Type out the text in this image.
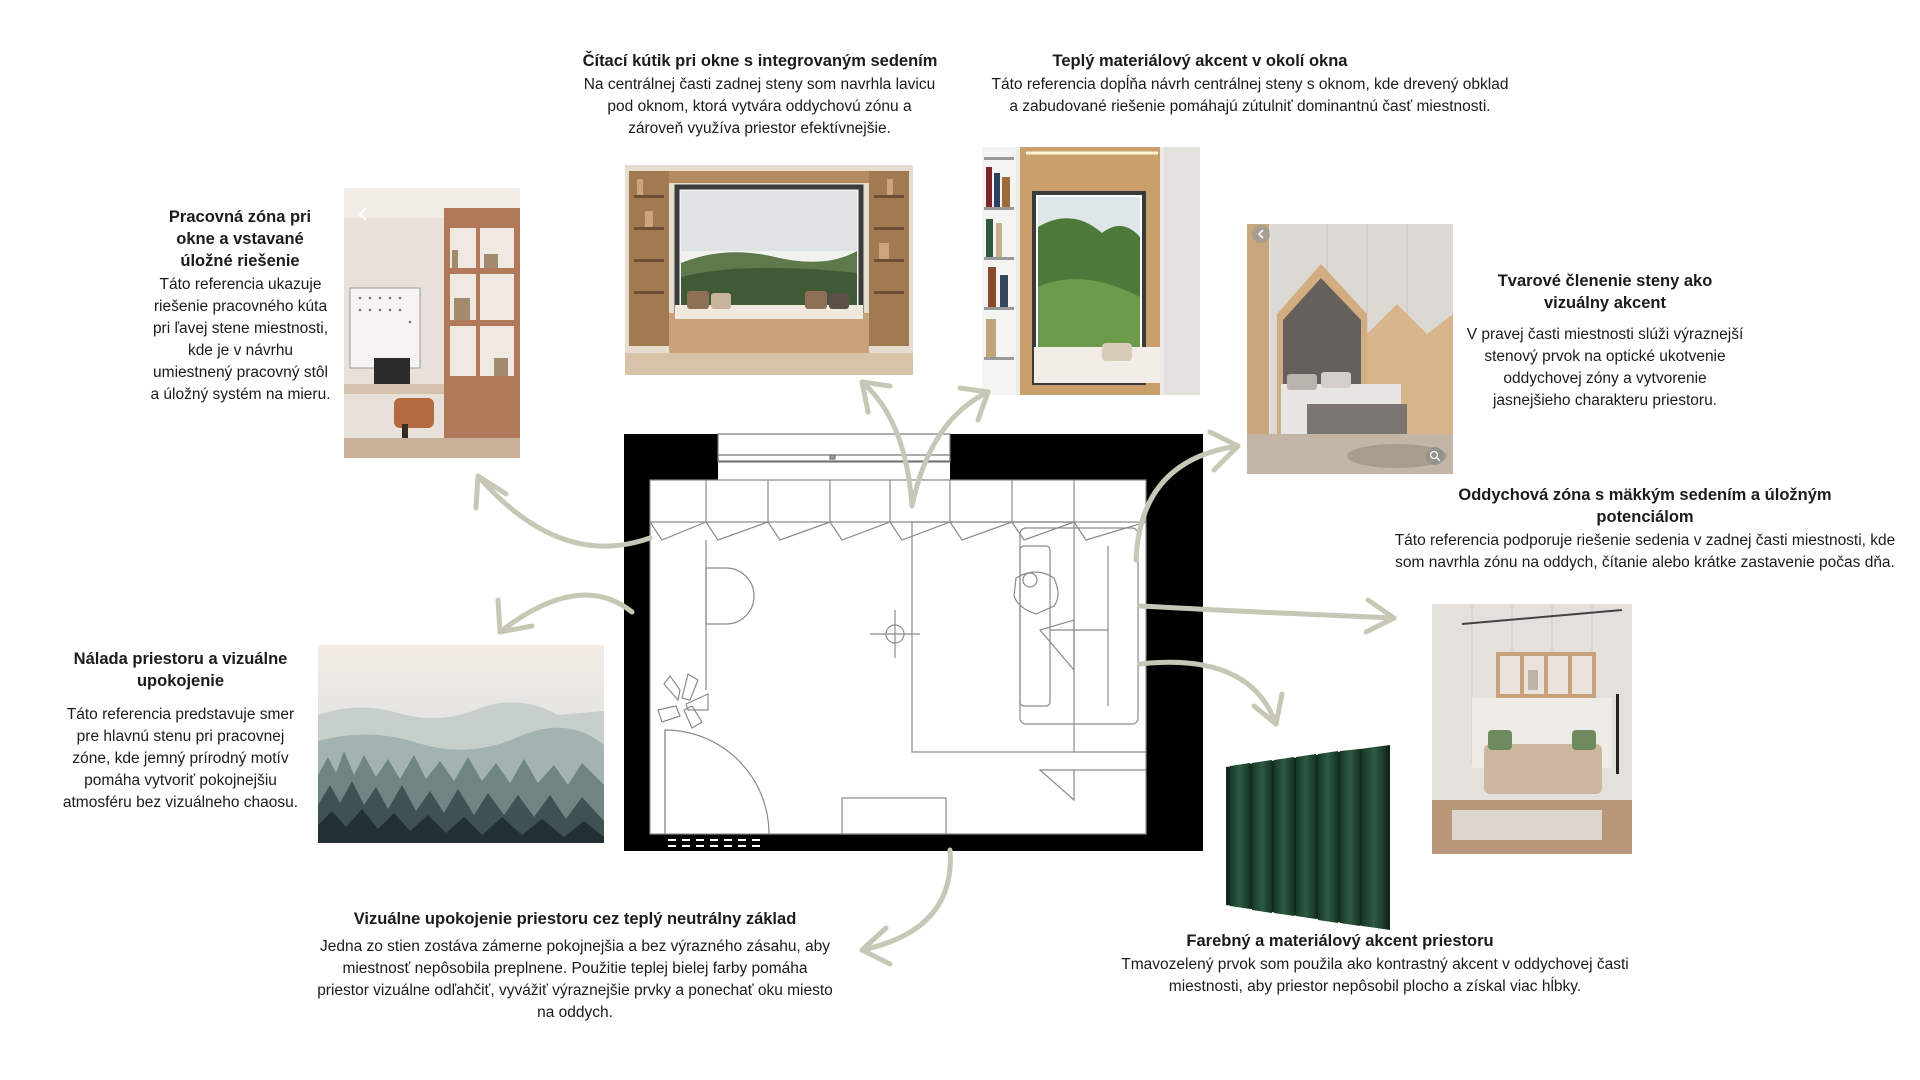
Čítací kútik pri okne s integrovaným sedením

Na centrálnej časti zadnej steny som navrhla lavicu pod oknom, ktorá vytvára oddychovú zónu a zároveň využíva priestor efektívnejšie.

Teplý materiálový akcent v okolí okna

Táto referencia dopĺňa návrh centrálnej steny s oknom, kde drevený obklad a zabudované riešenie pomáhajú zútulniť dominantnú časť miestnosti.

Pracovná zóna pri okne a vstavané úložné riešenie

Táto referencia ukazuje riešenie pracovného kúta pri ľavej stene miestnosti, kde je v návrhu umiestnený pracovný stôl a úložný systém na mieru.

Tvarové členenie steny ako vizuálny akcent

V pravej časti miestnosti slúži výraznejší stenový prvok na optické ukotvenie oddychovej zóny a vytvorenie jasnejšieho charakteru priestoru.

Oddychová zóna s mäkkým sedením a úložným potenciálom

Táto referencia podporuje riešenie sedenia v zadnej časti miestnosti, kde som navrhla zónu na oddych, čítanie alebo krátke zastavenie počas dňa.

Nálada priestoru a vizuálne upokojenie

Táto referencia predstavuje smer pre hlavnú stenu pri pracovnej zóne, kde jemný prírodný motív pomáha vytvoriť pokojnejšiu atmosféru bez vizuálneho chaosu.

Vizuálne upokojenie priestoru cez teplý neutrálny základ

Jedna zo stien zostáva zámerne pokojnejšia a bez výrazného zásahu, aby miestnosť nepôsobila preplnene. Použitie teplej bielej farby pomáha priestor vizuálne odľahčiť, vyvážiť výraznejšie prvky a ponechať oku miesto na oddych.

Farebný a materiálový akcent priestoru

Tmavozelený prvok som použila ako kontrastný akcent v oddychovej časti miestnosti, aby priestor nepôsobil plocho a získal viac hĺbky.
